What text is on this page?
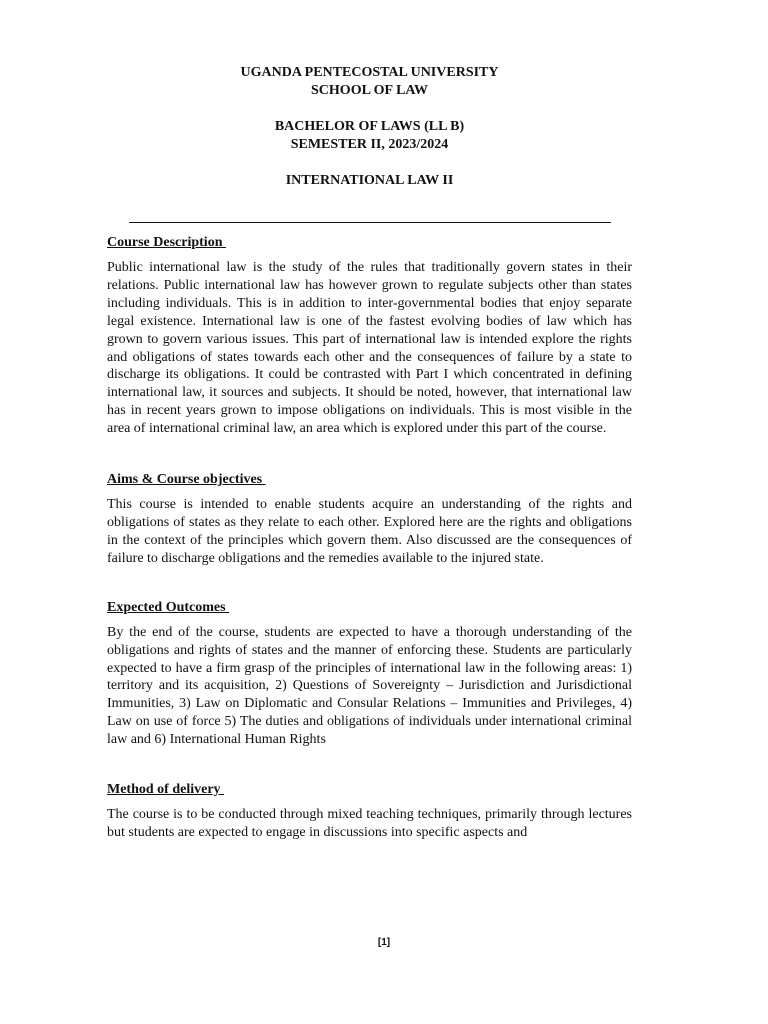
UGANDA PENTECOSTAL UNIVERSITY
SCHOOL OF LAW
BACHELOR OF LAWS (LL B)
SEMESTER II, 2023/2024
INTERNATIONAL LAW II

Course Description

Public international law is the study of the rules that traditionally govern states in their relations. Public international law has however grown to regulate subjects other than states including individuals. This is in addition to inter-governmental bodies that enjoy separate legal existence. International law is one of the fastest evolving bodies of law which has grown to govern various issues. This part of international law is intended explore the rights and obligations of states towards each other and the consequences of failure by a state to discharge its obligations. It could be contrasted with Part I which concentrated in defining international law, it sources and subjects. It should be noted, however, that international law has in recent years grown to impose obligations on individuals. This is most visible in the area of international criminal law, an area which is explored under this part of the course.

Aims & Course objectives

This course is intended to enable students acquire an understanding of the rights and obligations of states as they relate to each other. Explored here are the rights and obligations in the context of the principles which govern them. Also discussed are the consequences of failure to discharge obligations and the remedies available to the injured state.

Expected Outcomes

By the end of the course, students are expected to have a thorough understanding of the obligations and rights of states and the manner of enforcing these. Students are particularly expected to have a firm grasp of the principles of international law in the following areas: 1) territory and its acquisition, 2) Questions of Sovereignty – Jurisdiction and Jurisdictional Immunities, 3) Law on Diplomatic and Consular Relations – Immunities and Privileges, 4) Law on use of force 5) The duties and obligations of individuals under international criminal law and 6) International Human Rights

Method of delivery

The course is to be conducted through mixed teaching techniques, primarily through lectures but students are expected to engage in discussions into specific aspects and

[1]
